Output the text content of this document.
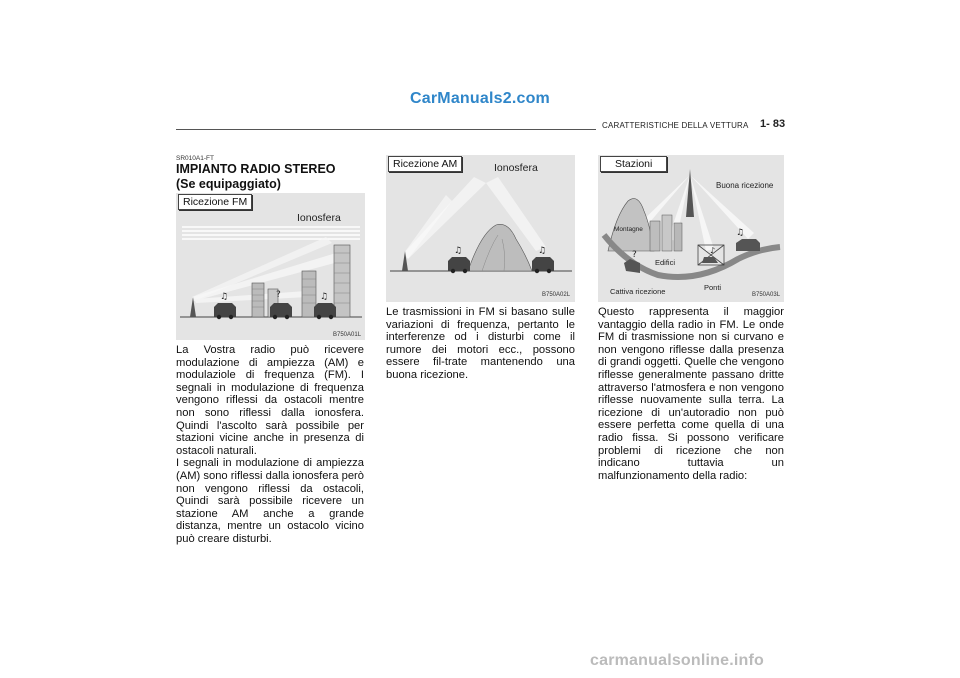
CarManuals2.com
CARATTERISTICHE DELLA VETTURA 1- 83
SR010A1-FT
IMPIANTO RADIO STEREO
(Se equipaggiato)
♫	?	♫
Ricezione FM
Ionosfera
B750A01L
♫	♫
Ricezione AM	Ionosfera
B750A02L
♫
♪
?
Stazioni
Buona ricezione
Montagne
Edifici
Ponti
Cattiva ricezione	B750A03L

La Vostra radio può ricevere modulazione di ampiezza (AM) e modulaziole di frequenza (FM). I segnali in modulazione di frequenza vengono riflessi da ostacoli mentre non sono riflessi dalla ionosfera. Quindi l'ascolto sarà possibile per stazioni vicine anche in presenza di ostacoli naturali.

I segnali in modulazione di ampiezza (AM) sono riflessi dalla ionosfera però non vengono riflessi da ostacoli, Quindi sarà possibile ricevere un stazione AM anche a grande distanza, mentre un ostacolo vicino può creare disturbi.

Le trasmissioni in FM si basano sulle variazioni di frequenza, pertanto le interferenze od i disturbi come il rumore dei motori ecc., possono essere fil-trate mantenendo una buona ricezione.

Questo rappresenta il maggior vantaggio della radio in FM. Le onde FM di trasmissione non si curvano e non vengono riflesse dalla presenza di grandi oggetti. Quelle che vengono riflesse generalmente passano dritte attraverso l'atmosfera e non vengono riflesse nuovamente sulla terra. La ricezione di un'autoradio non può essere perfetta come quella di una radio fissa. Si possono verificare problemi di ricezione che non indicano tuttavia un malfunzionamento della radio:

carmanualsonline.info
